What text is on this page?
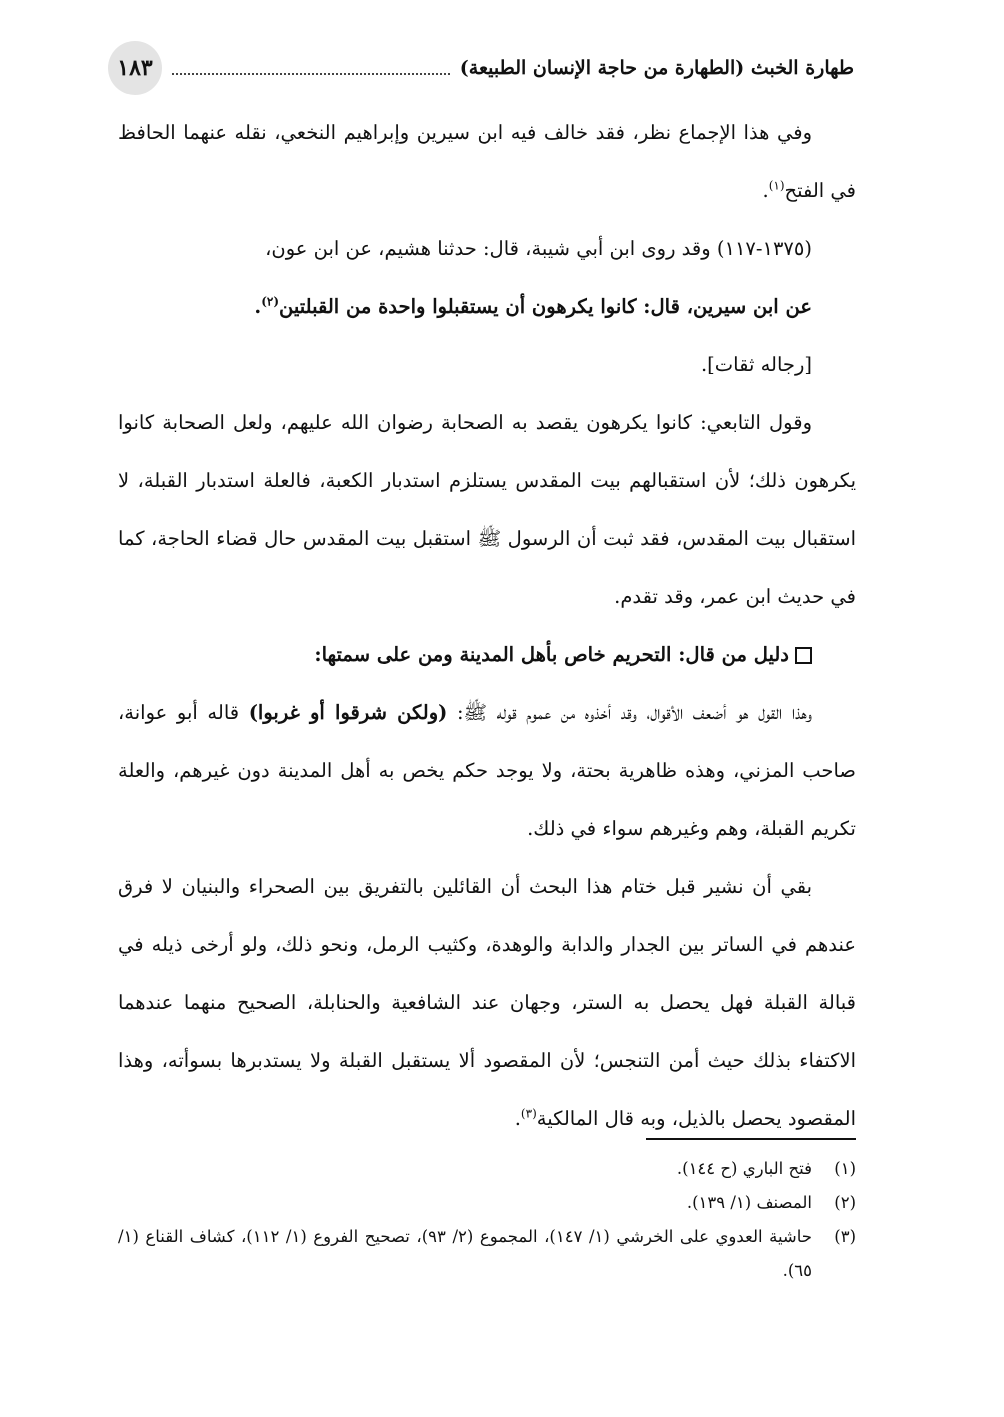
طهارة الخبث (الطهارة من حاجة الإنسان الطبيعة)
١٨٣

وفي هذا الإجماع نظر، فقد خالف فيه ابن سيرين وإبراهيم النخعي، نقله عنهما الحافظ في الفتح$^{(١)}$.

(١٣٧٥-١١٧) وقد روى ابن أبي شيبة، قال: حدثنا هشيم، عن ابن عون،

عن ابن سيرين، قال: كانوا يكرهون أن يستقبلوا واحدة من القبلتين$^{(٢)}$.

[رجاله ثقات].

وقول التابعي: كانوا يكرهون يقصد به الصحابة رضوان الله عليهم، ولعل الصحابة كانوا يكرهون ذلك؛ لأن استقبالهم بيت المقدس يستلزم استدبار الكعبة، فالعلة استدبار القبلة، لا استقبال بيت المقدس، فقد ثبت أن الرسول ﷺ استقبل بيت المقدس حال قضاء الحاجة، كما في حديث ابن عمر، وقد تقدم.

دليل من قال: التحريم خاص بأهل المدينة ومن على سمتها:

وهذا القول هو أضعف الأقوال، وقد أخذوه من عموم قوله ﷺ: (ولكن شرقوا أو غربوا) قاله أبو عوانة، صاحب المزني، وهذه ظاهرية بحتة، ولا يوجد حكم يخص به أهل المدينة دون غيرهم، والعلة تكريم القبلة، وهم وغيرهم سواء في ذلك.

بقي أن نشير قبل ختام هذا البحث أن القائلين بالتفريق بين الصحراء والبنيان لا فرق عندهم في الساتر بين الجدار والدابة والوهدة، وكثيب الرمل، ونحو ذلك، ولو أرخى ذيله في قبالة القبلة فهل يحصل به الستر، وجهان عند الشافعية والحنابلة، الصحيح منهما عندهما الاكتفاء بذلك حيث أمن التنجس؛ لأن المقصود ألا يستقبل القبلة ولا يستدبرها بسوأته، وهذا المقصود يحصل بالذيل، وبه قال المالكية$^{(٣)}$.

(١)
فتح الباري (ح ١٤٤).
(٢)
المصنف (١/ ١٣٩).
(٣)
حاشية العدوي على الخرشي (١/ ١٤٧)، المجموع (٢/ ٩٣)، تصحيح الفروع (١/ ١١٢)، كشاف القناع (١/ ٦٥).
